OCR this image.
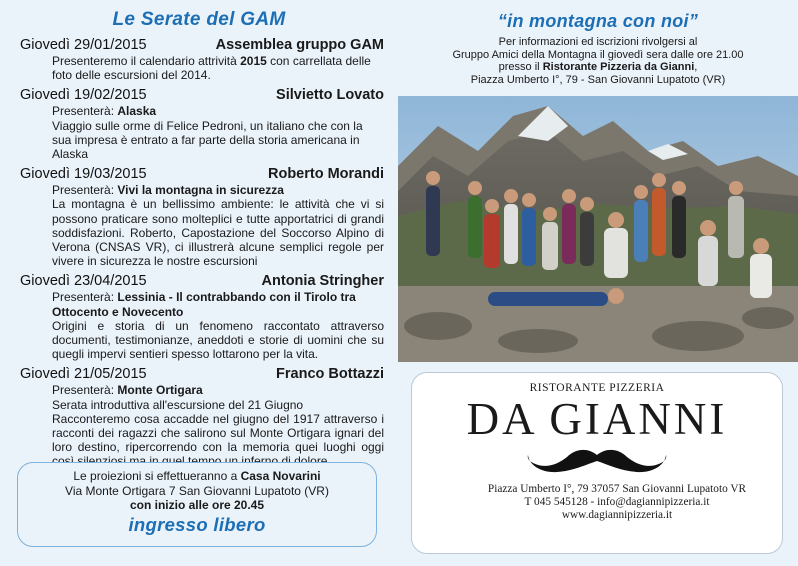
Le Serate del GAM
Giovedì 29/01/2015	Assemblea gruppo GAM
Presenteremo il calendario attrività 2015 con carrellata delle foto delle escursioni del 2014.
Giovedì 19/02/2015	Silvietto Lovato
Presenterà: Alaska
Viaggio sulle orme di Felice Pedroni, un italiano che con la sua impresa è entrato a far parte della storia americana in Alaska
Giovedì 19/03/2015	Roberto Morandi
Presenterà: Vivi la montagna in sicurezza
La montagna è un bellissimo ambiente: le attività che vi si possono praticare sono molteplici e tutte apportatrici di grandi soddisfazioni. Roberto, Capostazione del Soccorso Alpino di Verona (CNSAS VR), ci illustrerà alcune semplici regole per vivere in sicurezza le nostre escursioni
Giovedì 23/04/2015	Antonia Stringher
Presenterà: Lessinia - Il contrabbando con il Tirolo tra Ottocento e Novecento
Origini e storia di un fenomeno raccontato attraverso documenti, testimonianze, aneddoti e storie di uomini che su quegli impervi sentieri spesso lottarono per la vita.
Giovedì 21/05/2015	Franco Bottazzi
Presenterà: Monte Ortigara
Serata introduttiva all'escursione del 21 Giugno
Racconteremo cosa accadde nel giugno del 1917 attraverso i racconti dei ragazzi che salirono sul Monte Ortigara ignari del loro destino, ripercorrendo con la memoria quei luoghi oggi
Le proiezioni si effettueranno a Casa Novarini
Via Monte Ortigara 7 San Giovanni Lupatoto (VR)
con inizio alle ore 20.45
ingresso libero
“in montagna con noi”
Per informazioni ed iscrizioni rivolgersi al
Gruppo Amici della Montagna il giovedì sera dalle ore 21.00
presso il Ristorante Pizzeria da Gianni,
Piazza Umberto I°, 79 - San Giovanni Lupatoto (VR)
RISTORANTE PIZZERIA
DA GIANNI
Piazza Umberto I°, 79 37057 San Giovanni Lupatoto VR
T 045 545128 - info@dagiannipizzeria.it
www.dagiannipizzeria.it
